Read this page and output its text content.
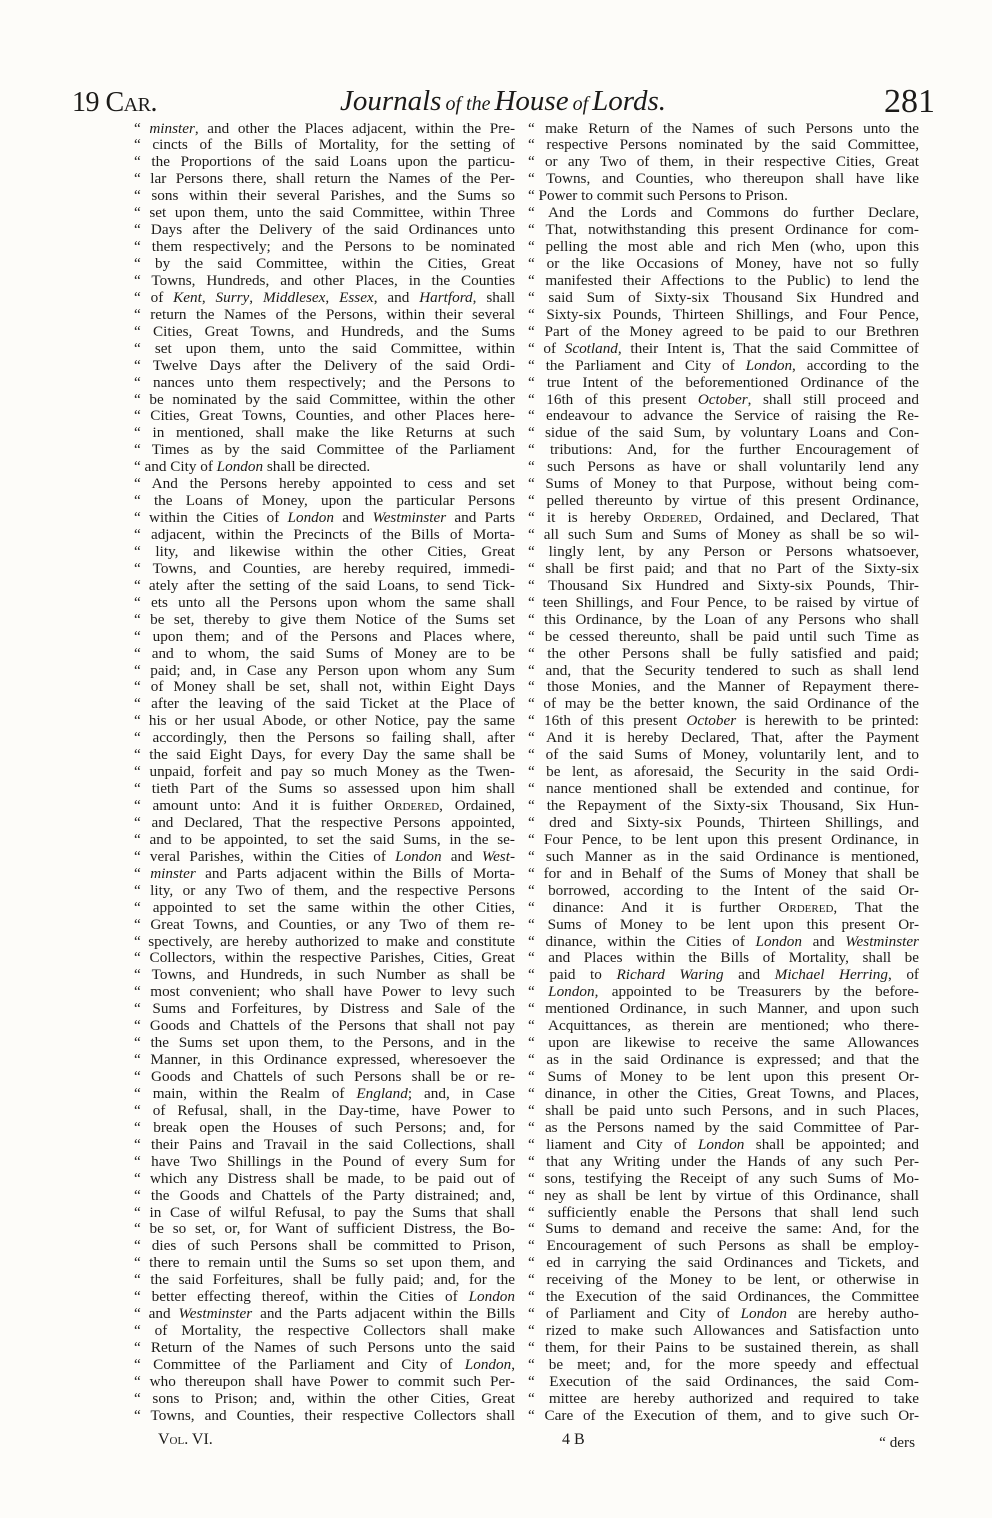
19 Car.	Journals of the House of Lords.	281
“ minster, and other the Places adjacent, within the Pre-
“ cincts of the Bills of Mortality, for the setting of
“ the Proportions of the said Loans upon the particu-
“ lar Persons there, shall return the Names of the Per-
“ sons within their several Parishes, and the Sums so
“ set upon them, unto the said Committee, within Three
“ Days after the Delivery of the said Ordinances unto
“ them respectively; and the Persons to be nominated
“ by the said Committee, within the Cities, Great
“ Towns, Hundreds, and other Places, in the Counties
“ of Kent, Surry, Middlesex, Essex, and Hartford, shall
“ return the Names of the Persons, within their several
“ Cities, Great Towns, and Hundreds, and the Sums
“ set upon them, unto the said Committee, within
“ Twelve Days after the Delivery of the said Ordi-
“ nances unto them respectively; and the Persons to
“ be nominated by the said Committee, within the other
“ Cities, Great Towns, Counties, and other Places here-
“ in mentioned, shall make the like Returns at such
“ Times as by the said Committee of the Parliament
“ and City of London shall be directed.
“ And the Persons hereby appointed to cess and set
“ the Loans of Money, upon the particular Persons
“ within the Cities of London and Westminster and Parts
“ adjacent, within the Precincts of the Bills of Morta-
“ lity, and likewise within the other Cities, Great
“ Towns, and Counties, are hereby required, immedi-
“ ately after the setting of the said Loans, to send Tick-
“ ets unto all the Persons upon whom the same shall
“ be set, thereby to give them Notice of the Sums set
“ upon them; and of the Persons and Places where,
“ and to whom, the said Sums of Money are to be
“ paid; and, in Case any Person upon whom any Sum
“ of Money shall be set, shall not, within Eight Days
“ after the leaving of the said Ticket at the Place of
“ his or her usual Abode, or other Notice, pay the same
“ accordingly, then the Persons so failing shall, after
“ the said Eight Days, for every Day the same shall be
“ unpaid, forfeit and pay so much Money as the Twen-
“ tieth Part of the Sums so assessed upon him shall
“ amount unto: And it is fuither Ordered, Ordained,
“ and Declared, That the respective Persons appointed,
“ and to be appointed, to set the said Sums, in the se-
“ veral Parishes, within the Cities of London and West-
“ minster and Parts adjacent within the Bills of Morta-
“ lity, or any Two of them, and the respective Persons
“ appointed to set the same within the other Cities,
“ Great Towns, and Counties, or any Two of them re-
“ spectively, are hereby authorized to make and constitute
“ Collectors, within the respective Parishes, Cities, Great
“ Towns, and Hundreds, in such Number as shall be
“ most convenient; who shall have Power to levy such
“ Sums and Forfeitures, by Distress and Sale of the
“ Goods and Chattels of the Persons that shall not pay
“ the Sums set upon them, to the Persons, and in the
“ Manner, in this Ordinance expressed, wheresoever the
“ Goods and Chattels of such Persons shall be or re-
“ main, within the Realm of England; and, in Case
“ of Refusal, shall, in the Day-time, have Power to
“ break open the Houses of such Persons; and, for
“ their Pains and Travail in the said Collections, shall
“ have Two Shillings in the Pound of every Sum for
“ which any Distress shall be made, to be paid out of
“ the Goods and Chattels of the Party distrained; and,
“ in Case of wilful Refusal, to pay the Sums that shall
“ be so set, or, for Want of sufficient Distress, the Bo-
“ dies of such Persons shall be committed to Prison,
“ there to remain until the Sums so set upon them, and
“ the said Forfeitures, shall be fully paid; and, for the
“ better effecting thereof, within the Cities of London
“ and Westminster and the Parts adjacent within the Bills
“ of Mortality, the respective Collectors shall make
“ Return of the Names of such Persons unto the said
“ Committee of the Parliament and City of London,
“ who thereupon shall have Power to commit such Per-
“ sons to Prison; and, within the other Cities, Great
“ Towns, and Counties, their respective Collectors shall
“ make Return of the Names of such Persons unto the
“ respective Persons nominated by the said Committee,
“ or any Two of them, in their respective Cities, Great
“ Towns, and Counties, who thereupon shall have like
“ Power to commit such Persons to Prison.
“ And the Lords and Commons do further Declare,
“ That, notwithstanding this present Ordinance for com-
“ pelling the most able and rich Men (who, upon this
“ or the like Occasions of Money, have not so fully
“ manifested their Affections to the Public) to lend the
“ said Sum of Sixty-six Thousand Six Hundred and
“ Sixty-six Pounds, Thirteen Shillings, and Four Pence,
“ Part of the Money agreed to be paid to our Brethren
“ of Scotland, their Intent is, That the said Committee of
“ the Parliament and City of London, according to the
“ true Intent of the beforementioned Ordinance of the
“ 16th of this present October, shall still proceed and
“ endeavour to advance the Service of raising the Re-
“ sidue of the said Sum, by voluntary Loans and Con-
“ tributions: And, for the further Encouragement of
“ such Persons as have or shall voluntarily lend any
“ Sums of Money to that Purpose, without being com-
“ pelled thereunto by virtue of this present Ordinance,
“ it is hereby Ordered, Ordained, and Declared, That
“ all such Sum and Sums of Money as shall be so wil-
“ lingly lent, by any Person or Persons whatsoever,
“ shall be first paid; and that no Part of the Sixty-six
“ Thousand Six Hundred and Sixty-six Pounds, Thir-
“ teen Shillings, and Four Pence, to be raised by virtue of
“ this Ordinance, by the Loan of any Persons who shall
“ be cessed thereunto, shall be paid until such Time as
“ the other Persons shall be fully satisfied and paid;
“ and, that the Security tendered to such as shall lend
“ those Monies, and the Manner of Repayment there-
“ of may be the better known, the said Ordinance of the
“ 16th of this present October is herewith to be printed:
“ And it is hereby Declared, That, after the Payment
“ of the said Sums of Money, voluntarily lent, and to
“ be lent, as aforesaid, the Security in the said Ordi-
“ nance mentioned shall be extended and continue, for
“ the Repayment of the Sixty-six Thousand, Six Hun-
“ dred and Sixty-six Pounds, Thirteen Shillings, and
“ Four Pence, to be lent upon this present Ordinance, in
“ such Manner as in the said Ordinance is mentioned,
“ for and in Behalf of the Sums of Money that shall be
“ borrowed, according to the Intent of the said Or-
“ dinance: And it is further Ordered, That the
“ Sums of Money to be lent upon this present Or-
“ dinance, within the Cities of London and Westminster
“ and Places within the Bills of Mortality, shall be
“ paid to Richard Waring and Michael Herring, of
“ London, appointed to be Treasurers by the before-
“ mentioned Ordinance, in such Manner, and upon such
“ Acquittances, as therein are mentioned; who there-
“ upon are likewise to receive the same Allowances
“ as in the said Ordinance is expressed; and that the
“ Sums of Money to be lent upon this present Or-
“ dinance, in other the Cities, Great Towns, and Places,
“ shall be paid unto such Persons, and in such Places,
“ as the Persons named by the said Committee of Par-
“ liament and City of London shall be appointed; and
“ that any Writing under the Hands of any such Per-
“ sons, testifying the Receipt of any such Sums of Mo-
“ ney as shall be lent by virtue of this Ordinance, shall
“ sufficiently enable the Persons that shall lend such
“ Sums to demand and receive the same: And, for the
“ Encouragement of such Persons as shall be employ-
“ ed in carrying the said Ordinances and Tickets, and
“ receiving of the Money to be lent, or otherwise in
“ the Execution of the said Ordinances, the Committee
“ of Parliament and City of London are hereby autho-
“ rized to make such Allowances and Satisfaction unto
“ them, for their Pains to be sustained therein, as shall
“ be meet; and, for the more speedy and effectual
“ Execution of the said Ordinances, the said Com-
“ mittee are hereby authorized and required to take
“ Care of the Execution of them, and to give such Or-
Vol. VI.	4 B	“ ders
